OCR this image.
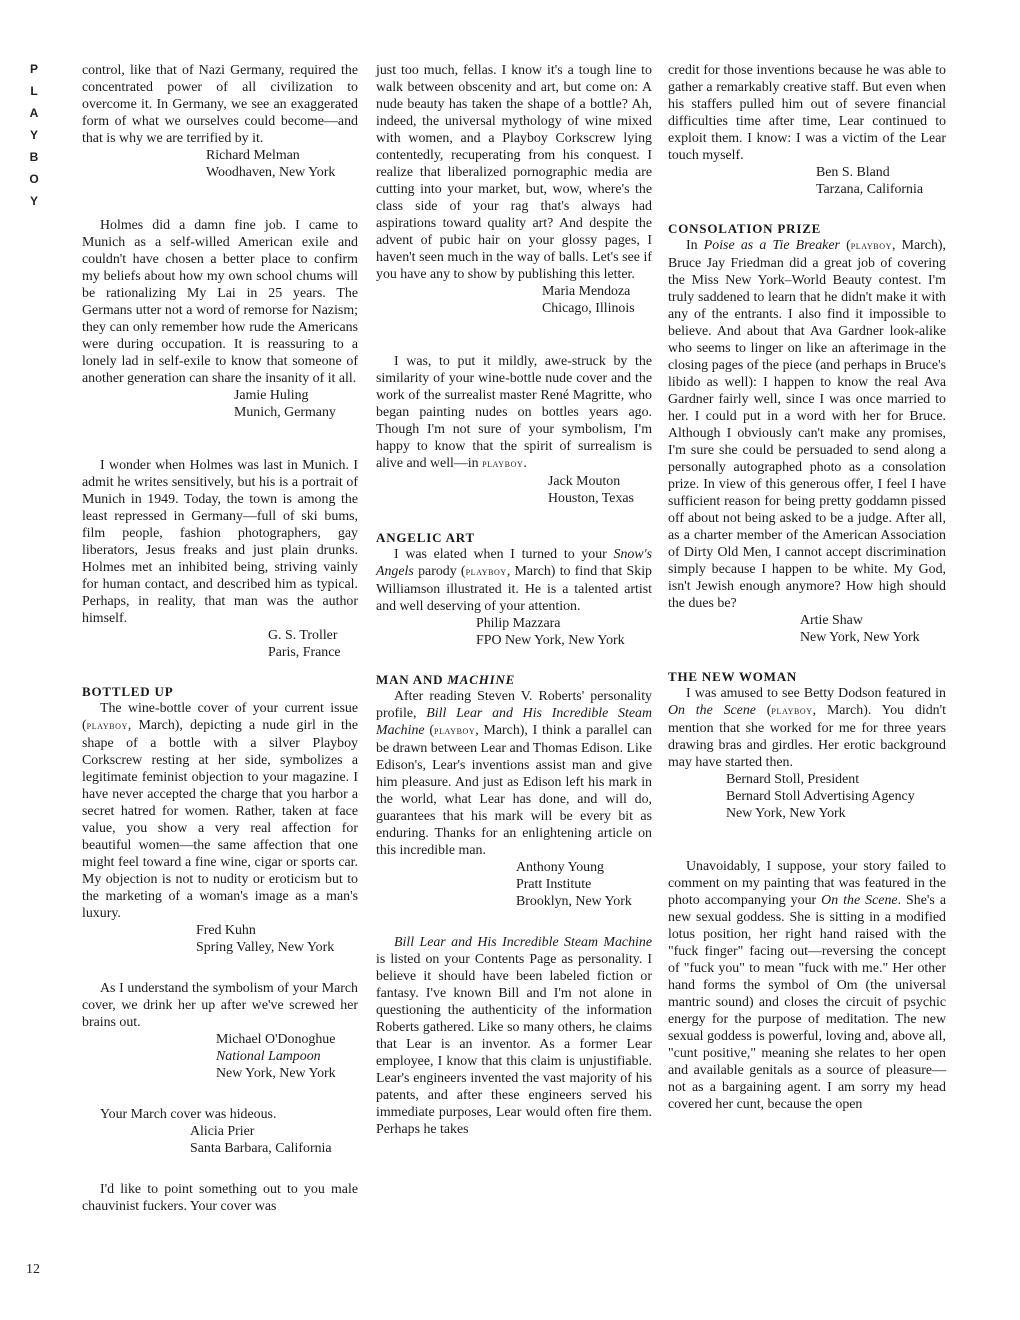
P
L
A
Y
B
O
Y
12

control, like that of Nazi Germany, required the concentrated power of all civilization to overcome it. In Germany, we see an exaggerated form of what we ourselves could become—and that is why we are terrified by it.

Richard Melman
Woodhaven, New York

Holmes did a damn fine job. I came to Munich as a self-willed American exile and couldn't have chosen a better place to confirm my beliefs about how my own school chums will be rationalizing My Lai in 25 years. The Germans utter not a word of remorse for Nazism; they can only remember how rude the Americans were during occupation. It is reassuring to a lonely lad in self-exile to know that someone of another generation can share the insanity of it all.

Jamie Huling
Munich, Germany

I wonder when Holmes was last in Munich. I admit he writes sensitively, but his is a portrait of Munich in 1949. Today, the town is among the least repressed in Germany—full of ski bums, film people, fashion photographers, gay liberators, Jesus freaks and just plain drunks. Holmes met an inhibited being, striving vainly for human contact, and described him as typical. Perhaps, in reality, that man was the author himself.

G. S. Troller
Paris, France
BOTTLED UP

The wine-bottle cover of your current issue (playboy, March), depicting a nude girl in the shape of a bottle with a silver Playboy Corkscrew resting at her side, symbolizes a legitimate feminist objection to your magazine. I have never accepted the charge that you harbor a secret hatred for women. Rather, taken at face value, you show a very real affection for beautiful women—the same affection that one might feel toward a fine wine, cigar or sports car. My objection is not to nudity or eroticism but to the marketing of a woman's image as a man's luxury.

Fred Kuhn
Spring Valley, New York

As I understand the symbolism of your March cover, we drink her up after we've screwed her brains out.

Michael O'Donoghue
National Lampoon
New York, New York

Your March cover was hideous.

Alicia Prier
Santa Barbara, California

I'd like to point something out to you male chauvinist fuckers. Your cover was

just too much, fellas. I know it's a tough line to walk between obscenity and art, but come on: A nude beauty has taken the shape of a bottle? Ah, indeed, the universal mythology of wine mixed with women, and a Playboy Corkscrew lying contentedly, recuperating from his conquest. I realize that liberalized pornographic media are cutting into your market, but, wow, where's the class side of your rag that's always had aspirations toward quality art? And despite the advent of pubic hair on your glossy pages, I haven't seen much in the way of balls. Let's see if you have any to show by publishing this letter.

Maria Mendoza
Chicago, Illinois

I was, to put it mildly, awe-struck by the similarity of your wine-bottle nude cover and the work of the surrealist master René Magritte, who began painting nudes on bottles years ago. Though I'm not sure of your symbolism, I'm happy to know that the spirit of surrealism is alive and well—in playboy.

Jack Mouton
Houston, Texas
ANGELIC ART

I was elated when I turned to your Snow's Angels parody (playboy, March) to find that Skip Williamson illustrated it. He is a talented artist and well deserving of your attention.

Philip Mazzara
FPO New York, New York
MAN AND MACHINE

After reading Steven V. Roberts' personality profile, Bill Lear and His Incredible Steam Machine (playboy, March), I think a parallel can be drawn between Lear and Thomas Edison. Like Edison's, Lear's inventions assist man and give him pleasure. And just as Edison left his mark in the world, what Lear has done, and will do, guarantees that his mark will be every bit as enduring. Thanks for an enlightening article on this incredible man.

Anthony Young
Pratt Institute
Brooklyn, New York

Bill Lear and His Incredible Steam Machine is listed on your Contents Page as personality. I believe it should have been labeled fiction or fantasy. I've known Bill and I'm not alone in questioning the authenticity of the information Roberts gathered. Like so many others, he claims that Lear is an inventor. As a former Lear employee, I know that this claim is unjustifiable. Lear's engineers invented the vast majority of his patents, and after these engineers served his immediate purposes, Lear would often fire them. Perhaps he takes

credit for those inventions because he was able to gather a remarkably creative staff. But even when his staffers pulled him out of severe financial difficulties time after time, Lear continued to exploit them. I know: I was a victim of the Lear touch myself.

Ben S. Bland
Tarzana, California
CONSOLATION PRIZE

In Poise as a Tie Breaker (playboy, March), Bruce Jay Friedman did a great job of covering the Miss New York–World Beauty contest. I'm truly saddened to learn that he didn't make it with any of the entrants. I also find it impossible to believe. And about that Ava Gardner look-alike who seems to linger on like an afterimage in the closing pages of the piece (and perhaps in Bruce's libido as well): I happen to know the real Ava Gardner fairly well, since I was once married to her. I could put in a word with her for Bruce. Although I obviously can't make any promises, I'm sure she could be persuaded to send along a personally autographed photo as a consolation prize. In view of this generous offer, I feel I have sufficient reason for being pretty goddamn pissed off about not being asked to be a judge. After all, as a charter member of the American Association of Dirty Old Men, I cannot accept discrimination simply because I happen to be white. My God, isn't Jewish enough anymore? How high should the dues be?

Artie Shaw
New York, New York
THE NEW WOMAN

I was amused to see Betty Dodson featured in On the Scene (playboy, March). You didn't mention that she worked for me for three years drawing bras and girdles. Her erotic background may have started then.

Bernard Stoll, President
Bernard Stoll Advertising Agency
New York, New York

Unavoidably, I suppose, your story failed to comment on my painting that was featured in the photo accompanying your On the Scene. She's a new sexual goddess. She is sitting in a modified lotus position, her right hand raised with the "fuck finger" facing out—reversing the concept of "fuck you" to mean "fuck with me." Her other hand forms the symbol of Om (the universal mantric sound) and closes the circuit of psychic energy for the purpose of meditation. The new sexual goddess is powerful, loving and, above all, "cunt positive," meaning she relates to her open and available genitals as a source of pleasure—not as a bargaining agent. I am sorry my head covered her cunt, because the open
